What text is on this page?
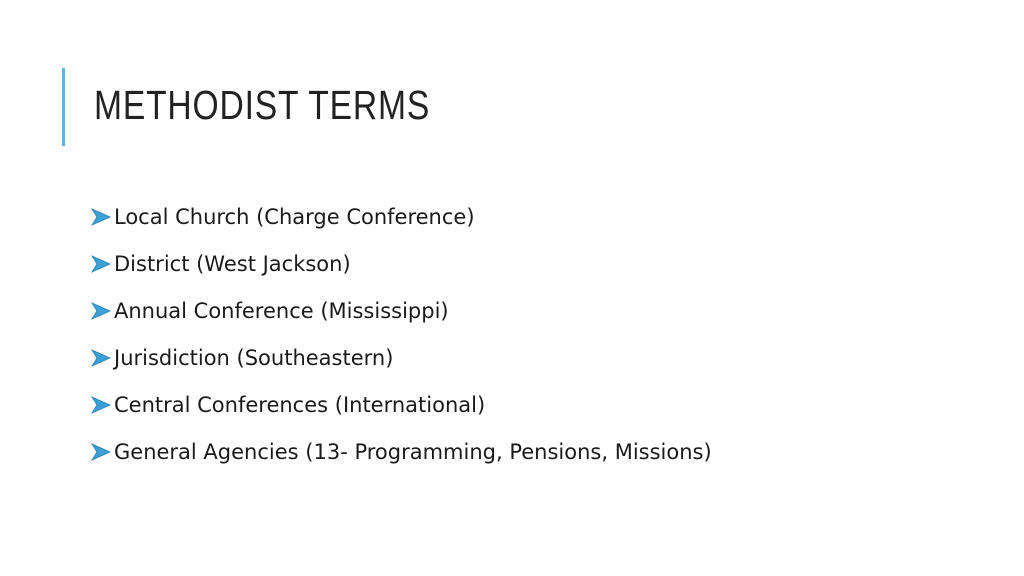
METHODIST TERMS
Local Church (Charge Conference)
District (West Jackson)
Annual Conference (Mississippi)
Jurisdiction (Southeastern)
Central Conferences (International)
General Agencies (13- Programming, Pensions, Missions)
